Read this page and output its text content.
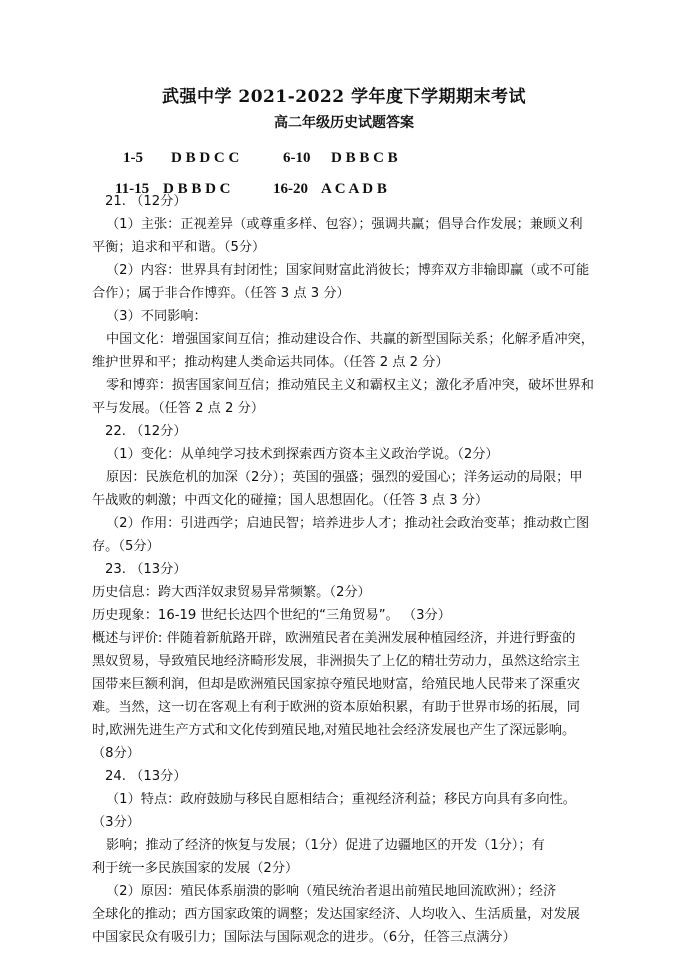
武强中学 2021-2022 学年度下学期期末考试
高二年级历史试题答案

1-5 D B D C C
	6-10 D B B C B

11-15 D B B D C
	16-20 A C A D B

21. （12分）
（1）主张：正视差异（或尊重多样、包容）；强调共赢；倡导合作发展；兼顾义利
平衡；追求和平和谐。（5分）
（2）内容：世界具有封闭性；国家间财富此消彼长；博弈双方非输即赢（或不可能
合作）；属于非合作博弈。（任答 3 点 3 分）
（3）不同影响：
中国文化：增强国家间互信；推动建设合作、共赢的新型国际关系；化解矛盾冲突，
维护世界和平；推动构建人类命运共同体。（任答 2 点 2 分）
零和博弈：损害国家间互信；推动殖民主义和霸权主义；激化矛盾冲突，破坏世界和
平与发展。（任答 2 点 2 分）
22. （12分）
（1）变化：从单纯学习技术到探索西方资本主义政治学说。（2分）
原因：民族危机的加深（2分）；英国的强盛；强烈的爱国心；洋务运动的局限；甲
午战败的刺激；中西文化的碰撞；国人思想固化。（任答 3 点 3 分）
（2）作用：引进西学；启迪民智；培养进步人才；推动社会政治变革；推动救亡图
存。（5分）
23. （13分）
历史信息：跨大西洋奴隶贸易异常频繁。（2分）
历史现象：16-19 世纪长达四个世纪的“三角贸易”。 （3分）
概述与评价: 伴随着新航路开辟，欧洲殖民者在美洲发展种植园经济，并进行野蛮的
黑奴贸易，导致殖民地经济畸形发展，非洲损失了上亿的精壮劳动力，虽然这给宗主
国带来巨额利润，但却是欧洲殖民国家掠夺殖民地财富，给殖民地人民带来了深重灾
难。当然，这一切在客观上有利于欧洲的资本原始积累，有助于世界市场的拓展，同
时,欧洲先进生产方式和文化传到殖民地,对殖民地社会经济发展也产生了深远影响。
（8分）
24. （13分）
（1）特点：政府鼓励与移民自愿相结合；重视经济利益；移民方向具有多向性。
（3分）
影响；推动了经济的恢复与发展；（1分）促进了边疆地区的开发（1分）；有
利于统一多民族国家的发展（2分）
（2）原因：殖民体系崩溃的影响（殖民统治者退出前殖民地回流欧洲）；经济
全球化的推动；西方国家政策的调整；发达国家经济、人均收入、生活质量，对发展
中国家民众有吸引力；国际法与国际观念的进步。（6分，任答三点满分）
